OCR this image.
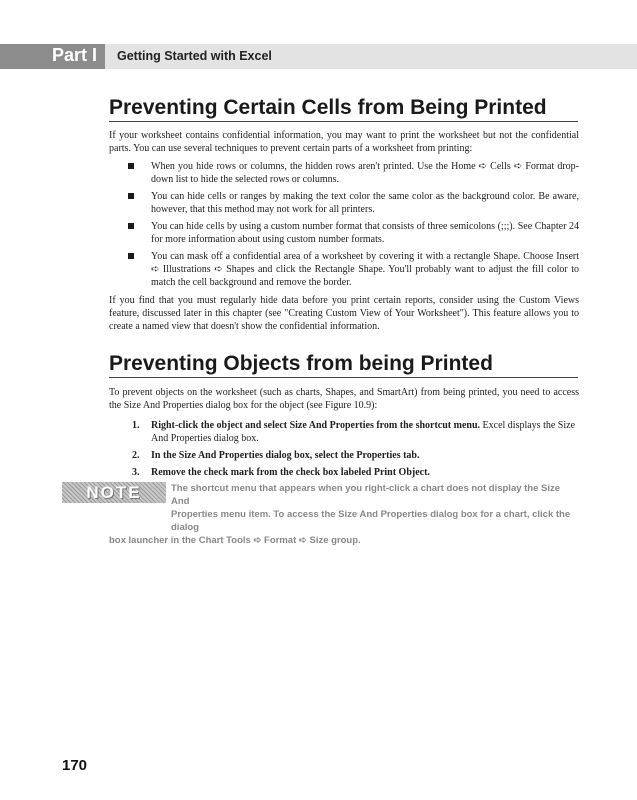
Part I Getting Started with Excel
Preventing Certain Cells from Being Printed

If your worksheet contains confidential information, you may want to print the worksheet but not the confidential parts. You can use several techniques to prevent certain parts of a worksheet from printing:

When you hide rows or columns, the hidden rows aren't printed. Use the Home ➪ Cells ➪ Format drop-down list to hide the selected rows or columns.
You can hide cells or ranges by making the text color the same color as the background color. Be aware, however, that this method may not work for all printers.
You can hide cells by using a custom number format that consists of three semicolons (;;;). See Chapter 24 for more information about using custom number formats.
You can mask off a confidential area of a worksheet by covering it with a rectangle Shape. Choose Insert ➪ Illustrations ➪ Shapes and click the Rectangle Shape. You'll probably want to adjust the fill color to match the cell background and remove the border.

If you find that you must regularly hide data before you print certain reports, consider using the Custom Views feature, discussed later in this chapter (see "Creating Custom View of Your Worksheet"). This feature allows you to create a named view that doesn't show the confidential information.

Preventing Objects from being Printed

To prevent objects on the worksheet (such as charts, Shapes, and SmartArt) from being printed, you need to access the Size And Properties dialog box for the object (see Figure 10.9):

1. Right-click the object and select Size And Properties from the shortcut menu. Excel displays the Size And Properties dialog box.
2. In the Size And Properties dialog box, select the Properties tab.
3. Remove the check mark from the check box labeled Print Object.
NOTE	The shortcut menu that appears when you right-click a chart does not display the Size And
Properties menu item. To access the Size And Properties dialog box for a chart, click the dialog
box launcher in the Chart Tools ➪ Format ➪ Size group.
170
